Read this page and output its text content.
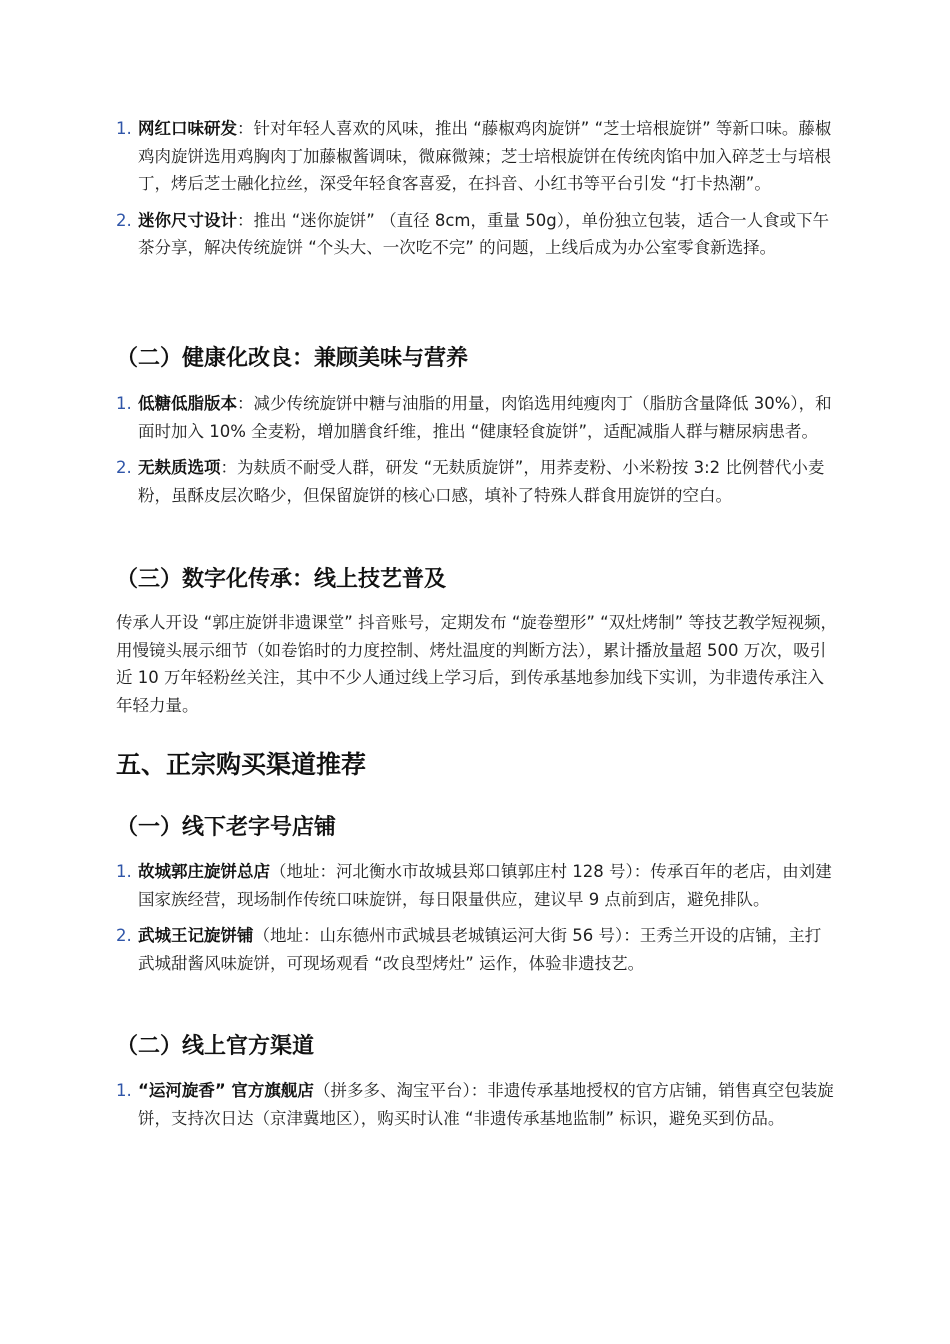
1. 网红口味研发：针对年轻人喜欢的风味，推出 “藤椒鸡肉旋饼” “芝士培根旋饼” 等新口味。藤椒鸡肉旋饼选用鸡胸肉丁加藤椒酱调味，微麻微辣；芝士培根旋饼在传统肉馅中加入碎芝士与培根丁，烤后芝士融化拉丝，深受年轻食客喜爱，在抖音、小红书等平台引发 “打卡热潮”。
2. 迷你尺寸设计：推出 “迷你旋饼” （直径 8cm，重量 50g），单份独立包装，适合一人食或下午茶分享，解决传统旋饼 “个头大、一次吃不完” 的问题，上线后成为办公室零食新选择。
（二）健康化改良：兼顾美味与营养
1. 低糖低脂版本：减少传统旋饼中糖与油脂的用量，肉馅选用纯瘦肉丁（脂肪含量降低 30%），和面时加入 10% 全麦粉，增加膳食纤维，推出 “健康轻食旋饼”，适配减脂人群与糖尿病患者。
2. 无麸质选项：为麸质不耐受人群，研发 “无麸质旋饼”，用荞麦粉、小米粉按 3:2 比例替代小麦粉，虽酥皮层次略少，但保留旋饼的核心口感，填补了特殊人群食用旋饼的空白。
（三）数字化传承：线上技艺普及

传承人开设 “郭庄旋饼非遗课堂” 抖音账号，定期发布 “旋卷塑形” “双灶烤制” 等技艺教学短视频，用慢镜头展示细节（如卷馅时的力度控制、烤灶温度的判断方法），累计播放量超 500 万次，吸引近 10 万年轻粉丝关注，其中不少人通过线上学习后，到传承基地参加线下实训，为非遗传承注入年轻力量。

五、正宗购买渠道推荐
（一）线下老字号店铺
1. 故城郭庄旋饼总店（地址：河北衡水市故城县郑口镇郭庄村 128 号）：传承百年的老店，由刘建国家族经营，现场制作传统口味旋饼，每日限量供应，建议早 9 点前到店，避免排队。
2. 武城王记旋饼铺（地址：山东德州市武城县老城镇运河大街 56 号）：王秀兰开设的店铺，主打武城甜酱风味旋饼，可现场观看 “改良型烤灶” 运作，体验非遗技艺。
（二）线上官方渠道
1. “运河旋香” 官方旗舰店（拼多多、淘宝平台）：非遗传承基地授权的官方店铺，销售真空包装旋饼，支持次日达（京津冀地区），购买时认准 “非遗传承基地监制” 标识，避免买到仿品。
